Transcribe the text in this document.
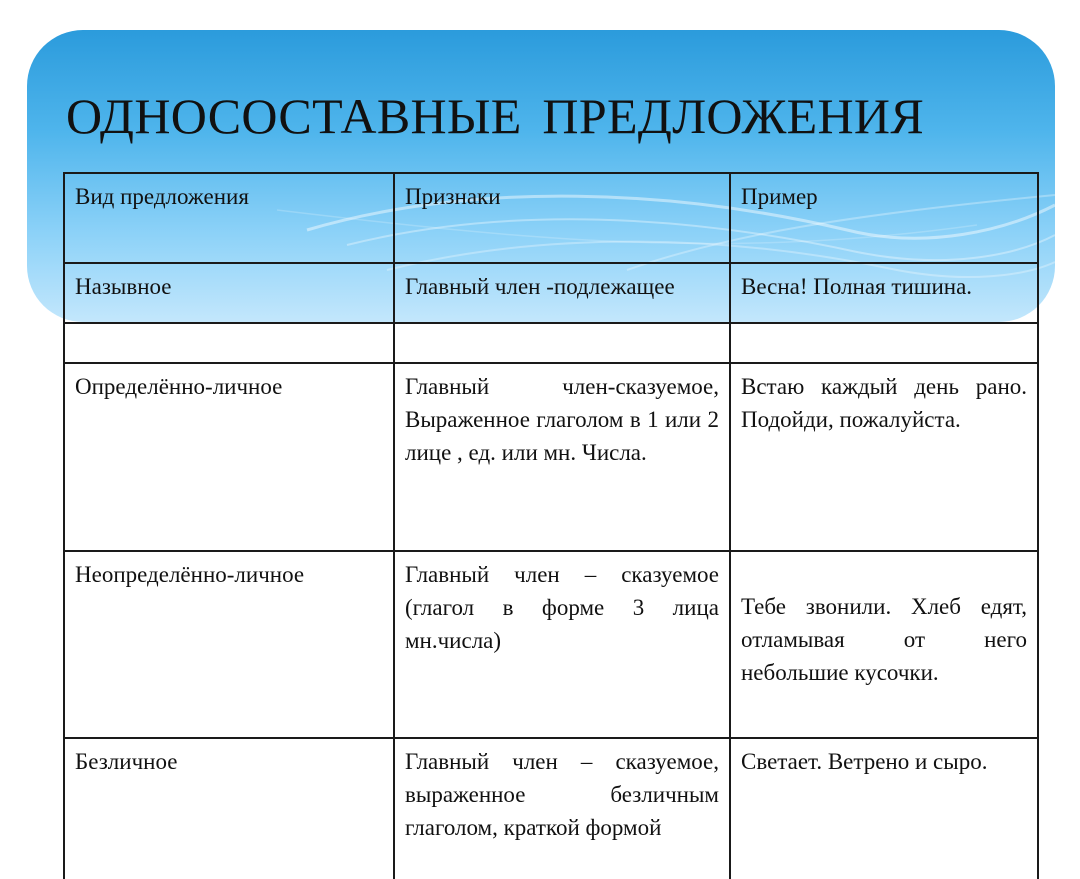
ОДНОСОСТАВНЫЕ ПРЕДЛОЖЕНИЯ
Вид предложения	Признаки	Пример
Назывное	Главный член -подлежащее	Весна! Полная тишина.

Определённо-личное	Главный член-сказуемое, Выраженное глаголом в 1 или 2 лице , ед. или мн. Числа.	Встаю каждый день рано. Подойди, пожалуйста.
Неопределённо-личное	Главный член – сказуемое (глагол в форме 3 лица мн.числа)	Тебе звонили. Хлеб едят, отламывая от него небольшие кусочки.
Безличное	Главный член – сказуемое, выраженное безличным глаголом, краткой формой	Светает. Ветрено и сыро.
